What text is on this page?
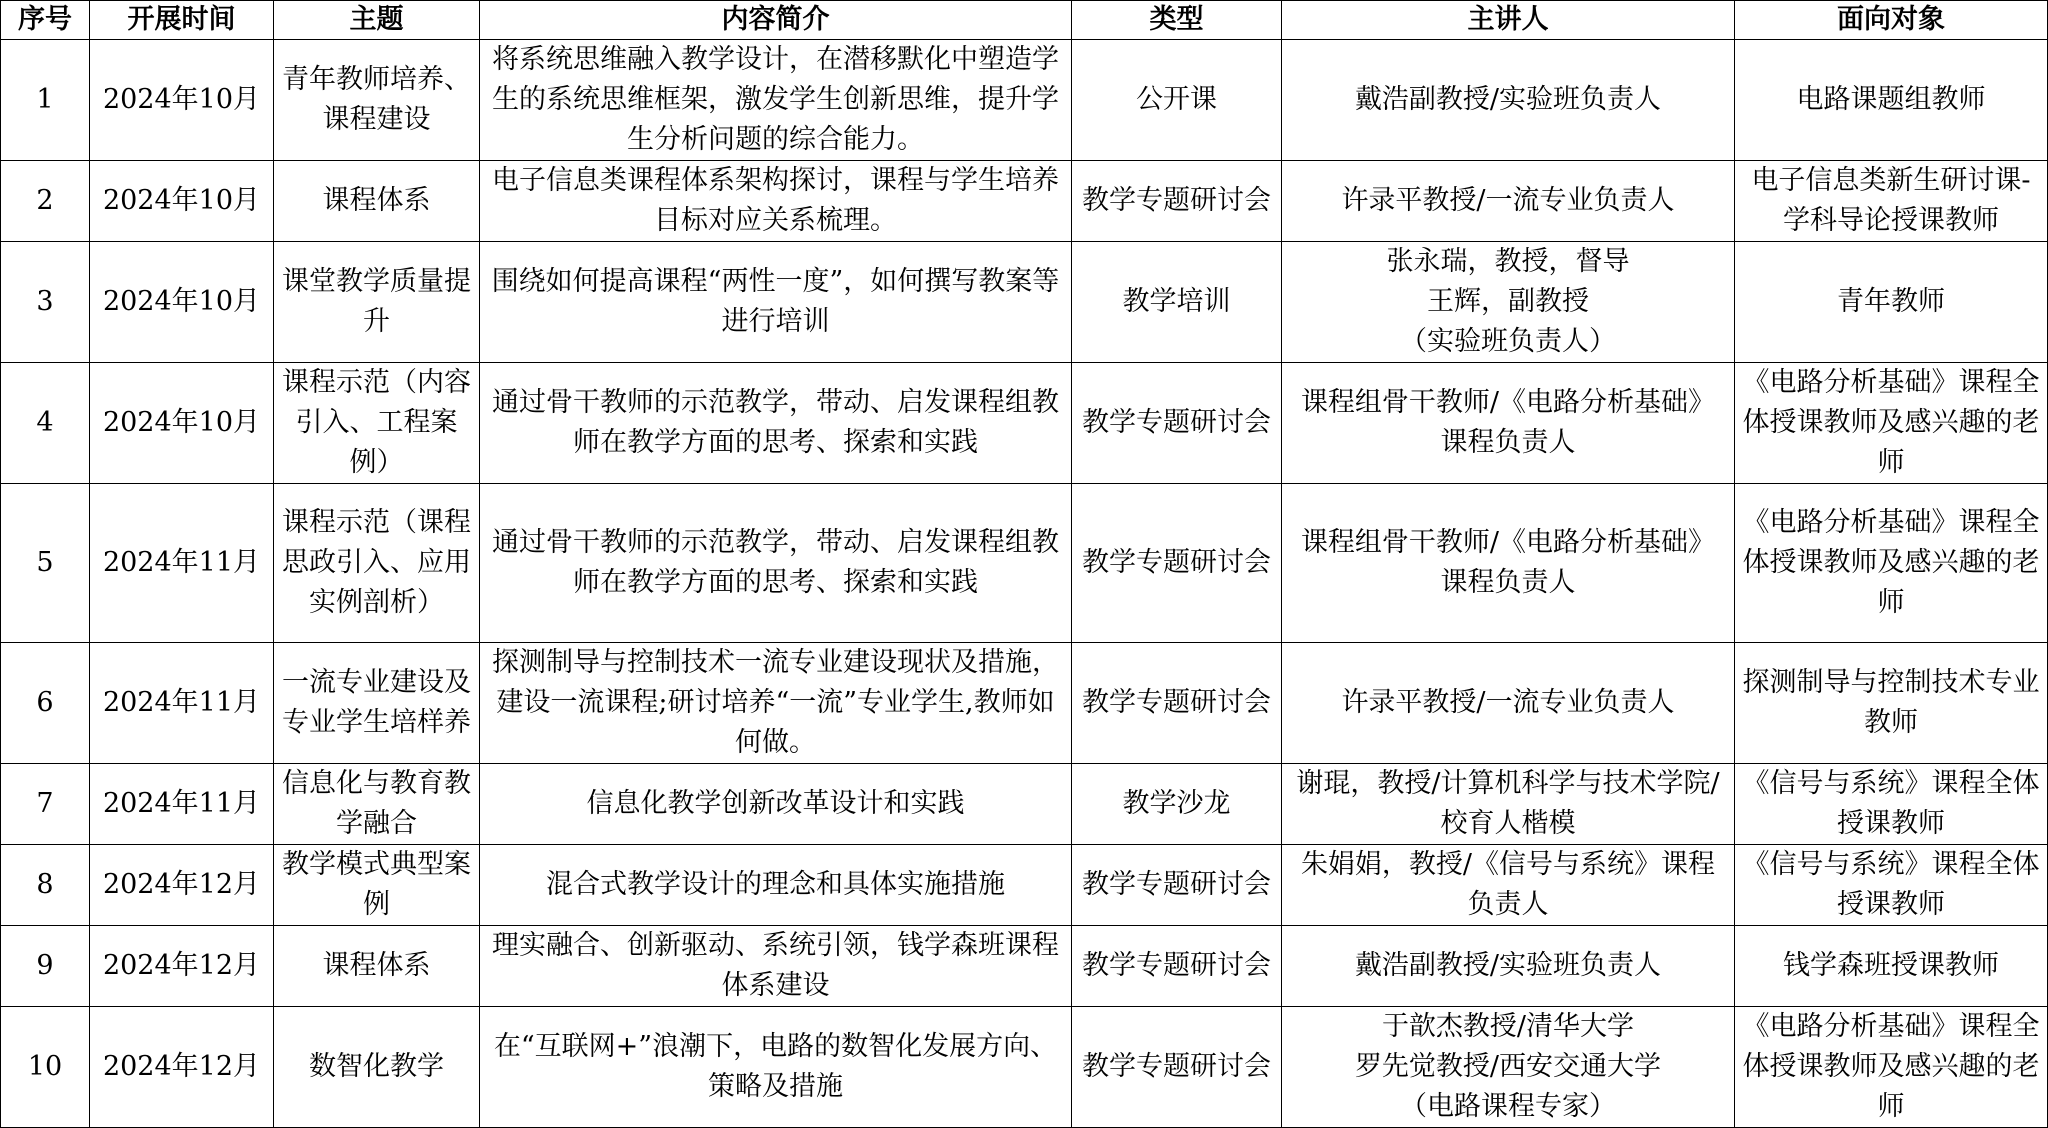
序号	开展时间	主题	内容简介	类型	主讲人	面向对象
1	2024年10月	青年教师培养、课程建设	将系统思维融入教学设计，在潜移默化中塑造学生的系统思维框架，激发学生创新思维，提升学生分析问题的综合能力。	公开课	戴浩副教授/实验班负责人	电路课题组教师
2	2024年10月	课程体系	电子信息类课程体系架构探讨，课程与学生培养目标对应关系梳理。	教学专题研讨会	许录平教授/一流专业负责人	电子信息类新生研讨课-学科导论授课教师
3	2024年10月	课堂教学质量提升	围绕如何提高课程“两性一度”，如何撰写教案等进行培训	教学培训	张永瑞，教授，督导
王辉，副教授
（实验班负责人）	青年教师
4	2024年10月	课程示范（内容引入、工程案例）	通过骨干教师的示范教学，带动、启发课程组教师在教学方面的思考、探索和实践	教学专题研讨会	课程组骨干教师/《电路分析基础》课程负责人	《电路分析基础》课程全体授课教师及感兴趣的老师
5	2024年11月	课程示范（课程思政引入、应用实例剖析）	通过骨干教师的示范教学，带动、启发课程组教师在教学方面的思考、探索和实践	教学专题研讨会	课程组骨干教师/《电路分析基础》课程负责人	《电路分析基础》课程全体授课教师及感兴趣的老师
6	2024年11月	一流专业建设及专业学生培样养	探测制导与控制技术一流专业建设现状及措施，建设一流课程;研讨培养“一流”专业学生,教师如何做。	教学专题研讨会	许录平教授/一流专业负责人	探测制导与控制技术专业教师
7	2024年11月	信息化与教育教学融合	信息化教学创新改革设计和实践	教学沙龙	谢琨，教授/计算机科学与技术学院/校育人楷模	《信号与系统》课程全体授课教师
8	2024年12月	教学模式典型案例	混合式教学设计的理念和具体实施措施	教学专题研讨会	朱娟娟，教授/《信号与系统》课程负责人	《信号与系统》课程全体授课教师
9	2024年12月	课程体系	理实融合、创新驱动、系统引领，钱学森班课程体系建设	教学专题研讨会	戴浩副教授/实验班负责人	钱学森班授课教师
10	2024年12月	数智化教学	在“互联网+”浪潮下，电路的数智化发展方向、策略及措施	教学专题研讨会	于歆杰教授/清华大学
罗先觉教授/西安交通大学
（电路课程专家）	《电路分析基础》课程全体授课教师及感兴趣的老师
